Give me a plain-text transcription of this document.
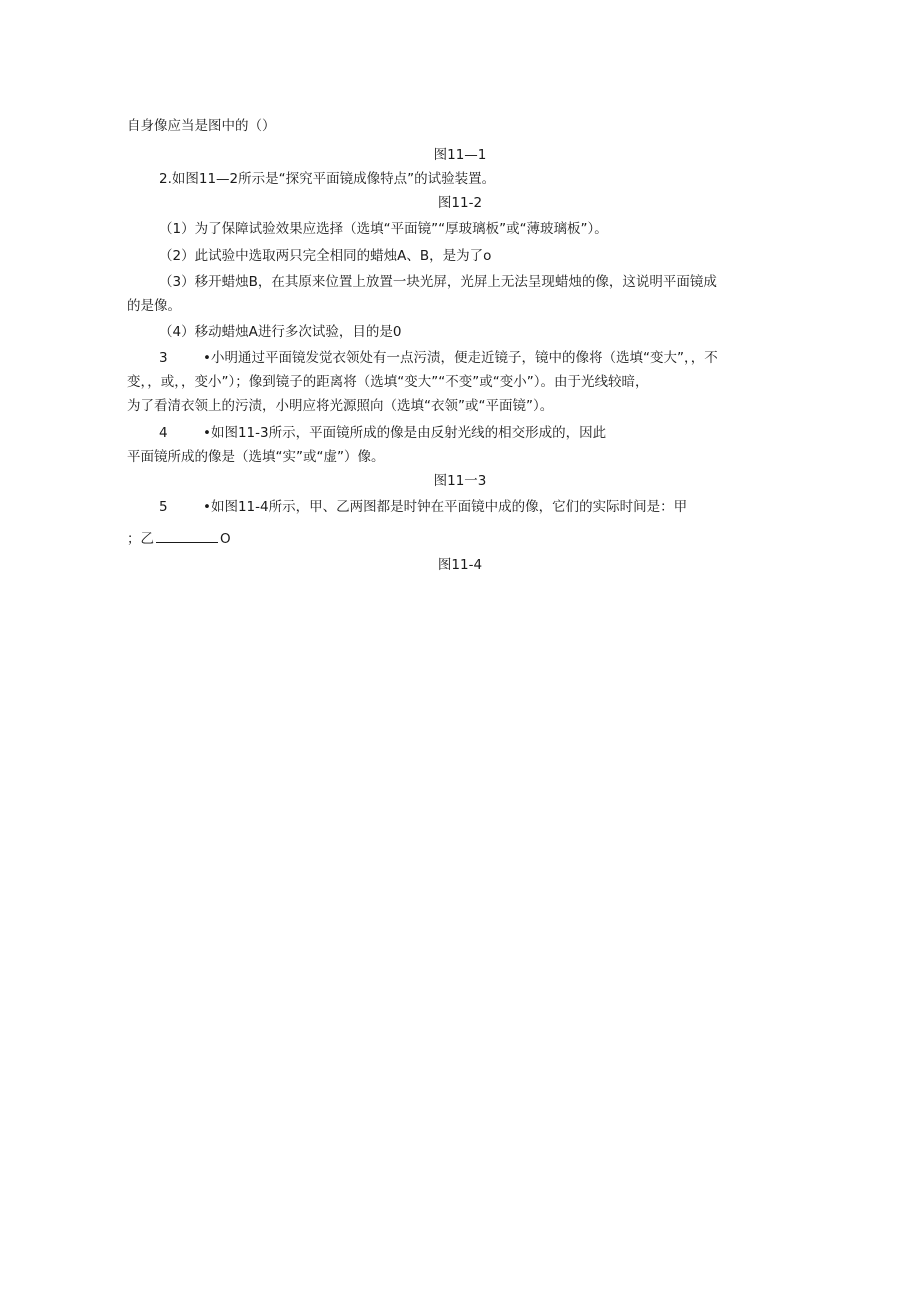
自身像应当是图中的（）
图11—1
2.如图11—2所示是“探究平面镜成像特点”的试验装置。
图11-2
（1）为了保障试验效果应选择（选填“平面镜”“厚玻璃板”或“薄玻璃板”）。
（2）此试验中选取两只完全相同的蜡烛A、B，是为了o
（3）移开蜡烛B，在其原来位置上放置一块光屏，光屏上无法呈现蜡烛的像，这说明平面镜成
的是像。
（4）移动蜡烛A进行多次试验，目的是0
3	•小明通过平面镜发觉衣领处有一点污渍，便走近镜子，镜中的像将（选填“变大”，，不
变，，或，，变小”）；像到镜子的距离将（选填“变大”“不变”或“变小”）。由于光线较暗，
为了看清衣领上的污渍，小明应将光源照向（选填“衣领”或“平面镜”）。
4	•如图11-3所示，平面镜所成的像是由反射光线的相交形成的，因此
平面镜所成的像是（选填“实”或“虚”）像。
图11一3
5	•如图11-4所示，甲、乙两图都是时钟在平面镜中成的像，它们的实际时间是：甲
；乙	O
图11-4
